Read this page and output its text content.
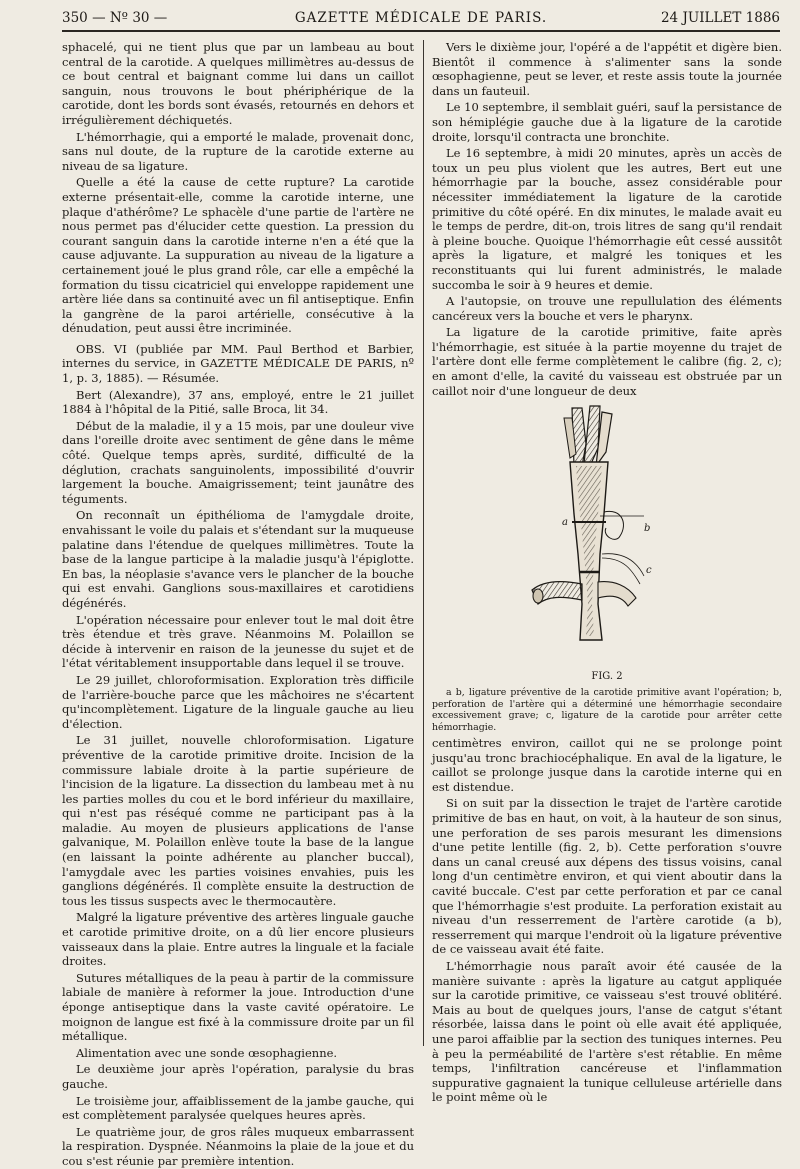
350 — Nº 30 —	GAZETTE MÉDICALE DE PARIS.	24 JUILLET 1886

sphacelé, qui ne tient plus que par un lambeau au bout central de la carotide. A quelques millimètres au-dessus de ce bout central et baignant comme lui dans un caillot sanguin, nous trouvons le bout phériphérique de la carotide, dont les bords sont évasés, retournés en dehors et irrégulièrement déchiquetés.

L'hémorrhagie, qui a emporté le malade, provenait donc, sans nul doute, de la rupture de la carotide externe au niveau de sa ligature.

Quelle a été la cause de cette rupture? La carotide externe présentait-elle, comme la carotide interne, une plaque d'athérôme? Le sphacèle d'une partie de l'artère ne nous permet pas d'élucider cette question. La pression du courant sanguin dans la carotide interne n'en a été que la cause adjuvante. La suppuration au niveau de la ligature a certainement joué le plus grand rôle, car elle a empêché la formation du tissu cicatriciel qui enveloppe rapidement une artère liée dans sa continuité avec un fil antiseptique. Enfin la gangrène de la paroi artérielle, consécutive à la dénudation, peut aussi être incriminée.

OBS. VI (publiée par MM. Paul Berthod et Barbier, internes du service, in GAZETTE MÉDICALE DE PARIS, nº 1, p. 3, 1885). — Résumée.

Bert (Alexandre), 37 ans, employé, entre le 21 juillet 1884 à l'hôpital de la Pitié, salle Broca, lit 34.

Début de la maladie, il y a 15 mois, par une douleur vive dans l'oreille droite avec sentiment de gêne dans le même côté. Quelque temps après, surdité, difficulté de la déglution, crachats sanguinolents, impossibilité d'ouvrir largement la bouche. Amaigrissement; teint jaunâtre des téguments.

On reconnaît un épithélioma de l'amygdale droite, envahissant le voile du palais et s'étendant sur la muqueuse palatine dans l'étendue de quelques millimètres. Toute la base de la langue participe à la maladie jusqu'à l'épiglotte. En bas, la néoplasie s'avance vers le plancher de la bouche qui est envahi. Ganglions sous-maxillaires et carotidiens dégénérés.

L'opération nécessaire pour enlever tout le mal doit être très étendue et très grave. Néanmoins M. Polaillon se décide à intervenir en raison de la jeunesse du sujet et de l'état véritablement insupportable dans lequel il se trouve.

Le 29 juillet, chloroformisation. Exploration très difficile de l'arrière-bouche parce que les mâchoires ne s'écartent qu'incomplètement. Ligature de la linguale gauche au lieu d'élection.

Le 31 juillet, nouvelle chloroformisation. Ligature préventive de la carotide primitive droite. Incision de la commissure labiale droite à la partie supérieure de l'incision de la ligature. La dissection du lambeau met à nu les parties molles du cou et le bord inférieur du maxillaire, qui n'est pas réséqué comme ne participant pas à la maladie. Au moyen de plusieurs applications de l'anse galvanique, M. Polaillon enlève toute la base de la langue (en laissant la pointe adhérente au plancher buccal), l'amygdale avec les parties voisines envahies, puis les ganglions dégénérés. Il complète ensuite la destruction de tous les tissus suspects avec le thermocautère.

Malgré la ligature préventive des artères linguale gauche et carotide primitive droite, on a dû lier encore plusieurs vaisseaux dans la plaie. Entre autres la linguale et la faciale droites.

Sutures métalliques de la peau à partir de la commissure labiale de manière à reformer la joue. Introduction d'une éponge antiseptique dans la vaste cavité opératoire. Le moignon de langue est fixé à la commissure droite par un fil métallique.

Alimentation avec une sonde œsophagienne.

Le deuxième jour après l'opération, paralysie du bras gauche.

Le troisième jour, affaiblissement de la jambe gauche, qui est complètement paralysée quelques heures après.

Le quatrième jour, de gros râles muqueux embarrassent la respiration. Dyspnée. Néanmoins la plaie de la joue et du cou s'est réunie par première intention.

Vers le dixième jour, l'opéré a de l'appétit et digère bien. Bientôt il commence à s'alimenter sans la sonde œsophagienne, peut se lever, et reste assis toute la journée dans un fauteuil.

Le 10 septembre, il semblait guéri, sauf la persistance de son hémiplégie gauche due à la ligature de la carotide droite, lorsqu'il contracta une bronchite.

Le 16 septembre, à midi 20 minutes, après un accès de toux un peu plus violent que les autres, Bert eut une hémorrhagie par la bouche, assez considérable pour nécessiter immédiatement la ligature de la carotide primitive du côté opéré. En dix minutes, le malade avait eu le temps de perdre, dit-on, trois litres de sang qu'il rendait à pleine bouche. Quoique l'hémorrhagie eût cessé aussitôt après la ligature, et malgré les toniques et les reconstituants qui lui furent administrés, le malade succomba le soir à 9 heures et demie.

A l'autopsie, on trouve une repullulation des éléments cancéreux vers la bouche et vers le pharynx.

La ligature de la carotide primitive, faite après l'hémorrhagie, est située à la partie moyenne du trajet de l'artère dont elle ferme complètement le calibre (fig. 2, c); en amont d'elle, la cavité du vaisseau est obstruée par un caillot noir d'une longueur de deux

b
a
c
FIG. 2

a b, ligature préventive de la carotide primitive avant l'opération; b, perforation de l'artère qui a déterminé une hémorrhagie secondaire excessivement grave; c, ligature de la carotide pour arrêter cette hémorrhagie.

centimètres environ, caillot qui ne se prolonge point jusqu'au tronc brachiocéphalique. En aval de la ligature, le caillot se prolonge jusque dans la carotide interne qui en est distendue.

Si on suit par la dissection le trajet de l'artère carotide primitive de bas en haut, on voit, à la hauteur de son sinus, une perforation de ses parois mesurant les dimensions d'une petite lentille (fig. 2, b). Cette perforation s'ouvre dans un canal creusé aux dépens des tissus voisins, canal long d'un centimètre environ, et qui vient aboutir dans la cavité buccale. C'est par cette perforation et par ce canal que l'hémorrhagie s'est produite. La perforation existait au niveau d'un resserrement de l'artère carotide (a b), resserrement qui marque l'endroit où la ligature préventive de ce vaisseau avait été faite.

L'hémorrhagie nous paraît avoir été causée de la manière suivante : après la ligature au catgut appliquée sur la carotide primitive, ce vaisseau s'est trouvé oblitéré. Mais au bout de quelques jours, l'anse de catgut s'étant résorbée, laissa dans le point où elle avait été appliquée, une paroi affaiblie par la section des tuniques internes. Peu à peu la perméabilité de l'artère s'est rétablie. En même temps, l'infiltration cancéreuse et l'inflammation suppurative gagnaient la tunique celluleuse artérielle dans le point même où le
